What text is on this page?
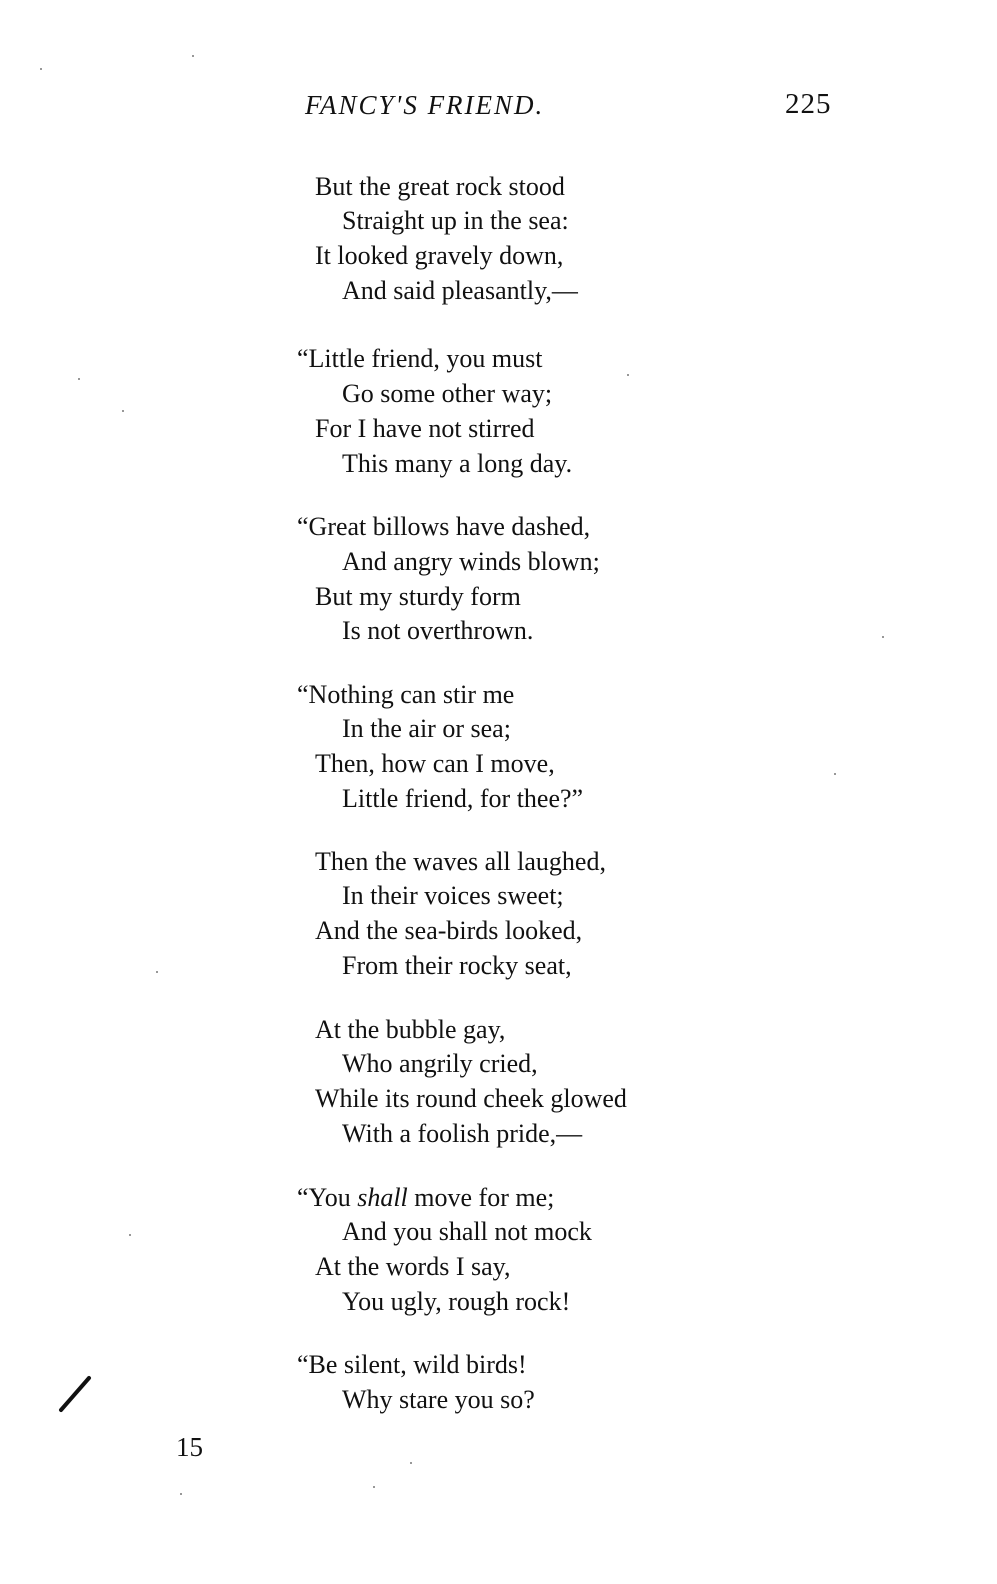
FANCY'S FRIEND.	225
But the great rock stood
Straight up in the sea:
It looked gravely down,
And said pleasantly,—
“Little friend, you must
Go some other way;
For I have not stirred
This many a long day.
“Great billows have dashed,
And angry winds blown;
But my sturdy form
Is not overthrown.
“Nothing can stir me
In the air or sea;
Then, how can I move,
Little friend, for thee?”
Then the waves all laughed,
In their voices sweet;
And the sea-birds looked,
From their rocky seat,
At the bubble gay,
Who angrily cried,
While its round cheek glowed
With a foolish pride,—
“You shall move for me;
And you shall not mock
At the words I say,
You ugly, rough rock!
“Be silent, wild birds!
Why stare you so?
15
